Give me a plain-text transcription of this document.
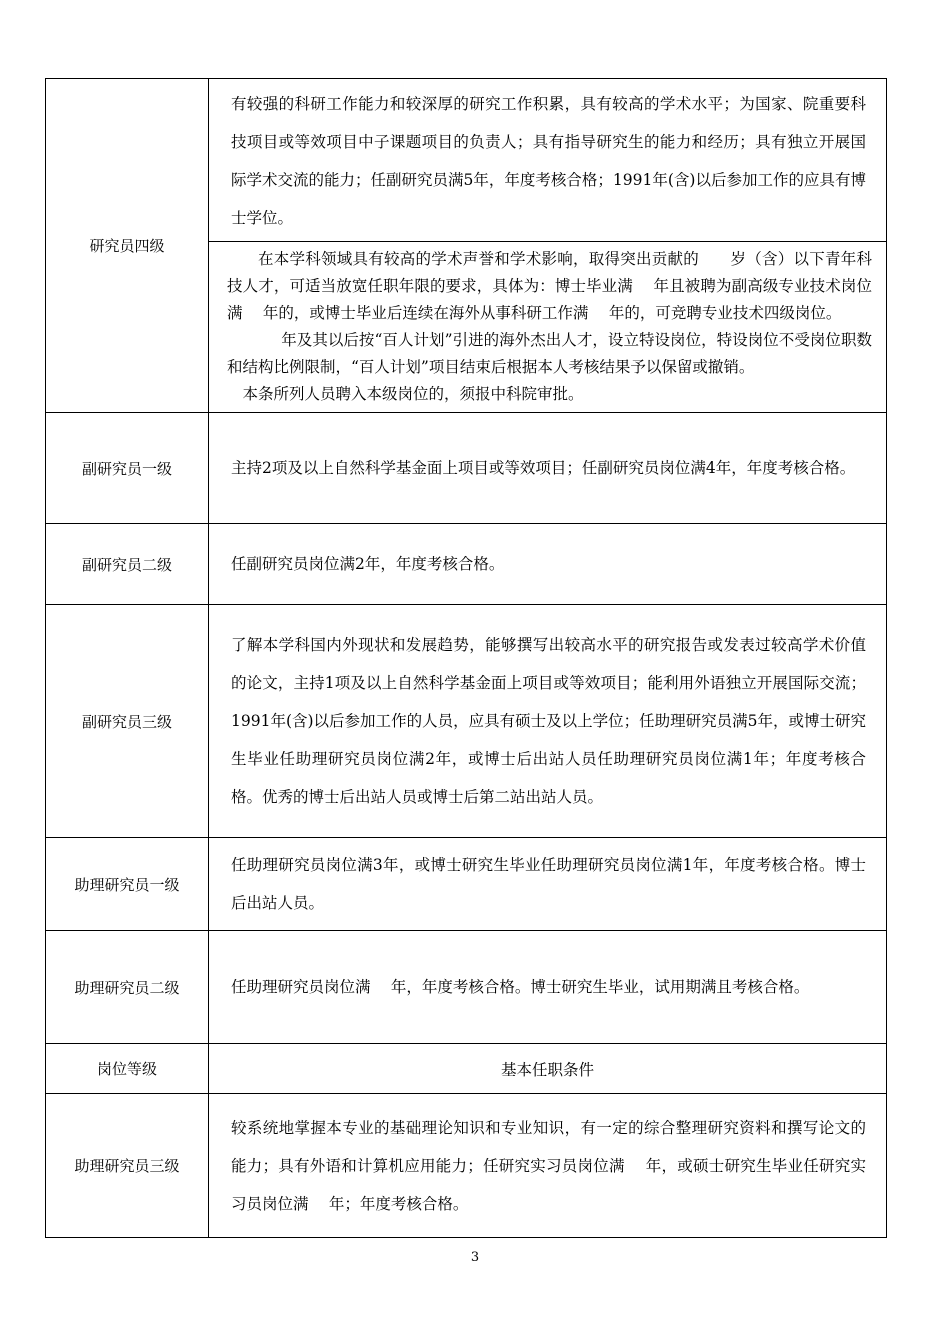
研究员四级	有较强的科研工作能力和较深厚的研究工作积累，具有较高的学术水平；为国家、院重要科技项目或等效项目中子课题项目的负责人；具有指导研究生的能力和经历；具有独立开展国际学术交流的能力；任副研究员满5年，年度考核合格；1991年(含)以后参加工作的应具有博士学位。
在本学科领域具有较高的学术声誉和学术影响，取得突出贡献的　　岁（含）以下青年科技人才，可适当放宽任职年限的要求，具体为：博士毕业满　 年且被聘为副高级专业技术岗位满　 年的，或博士毕业后连续在海外从事科研工作满　 年的，可竞聘专业技术四级岗位。
年及其以后按“百人计划”引进的海外杰出人才，设立特设岗位，特设岗位不受岗位职数和结构比例限制，“百人计划”项目结束后根据本人考核结果予以保留或撤销。
本条所列人员聘入本级岗位的，须报中科院审批。

副研究员一级	主持2项及以上自然科学基金面上项目或等效项目；任副研究员岗位满4年，年度考核合格。

副研究员二级	任副研究员岗位满2年，年度考核合格。

副研究员三级	了解本学科国内外现状和发展趋势，能够撰写出较高水平的研究报告或发表过较高学术价值的论文，主持1项及以上自然科学基金面上项目或等效项目；能利用外语独立开展国际交流；1991年(含)以后参加工作的人员，应具有硕士及以上学位；任助理研究员满5年，或博士研究生毕业任助理研究员岗位满2年，或博士后出站人员任助理研究员岗位满1年；年度考核合格。优秀的博士后出站人员或博士后第二站出站人员。

助理研究员一级	任助理研究员岗位满3年，或博士研究生毕业任助理研究员岗位满1年，年度考核合格。博士后出站人员。

助理研究员二级	任助理研究员岗位满　 年，年度考核合格。博士研究生毕业，试用期满且考核合格。

岗位等级	基本任职条件
助理研究员三级	较系统地掌握本专业的基础理论知识和专业知识，有一定的综合整理研究资料和撰写论文的能力；具有外语和计算机应用能力；任研究实习员岗位满　 年，或硕士研究生毕业任研究实习员岗位满　 年；年度考核合格。
3
